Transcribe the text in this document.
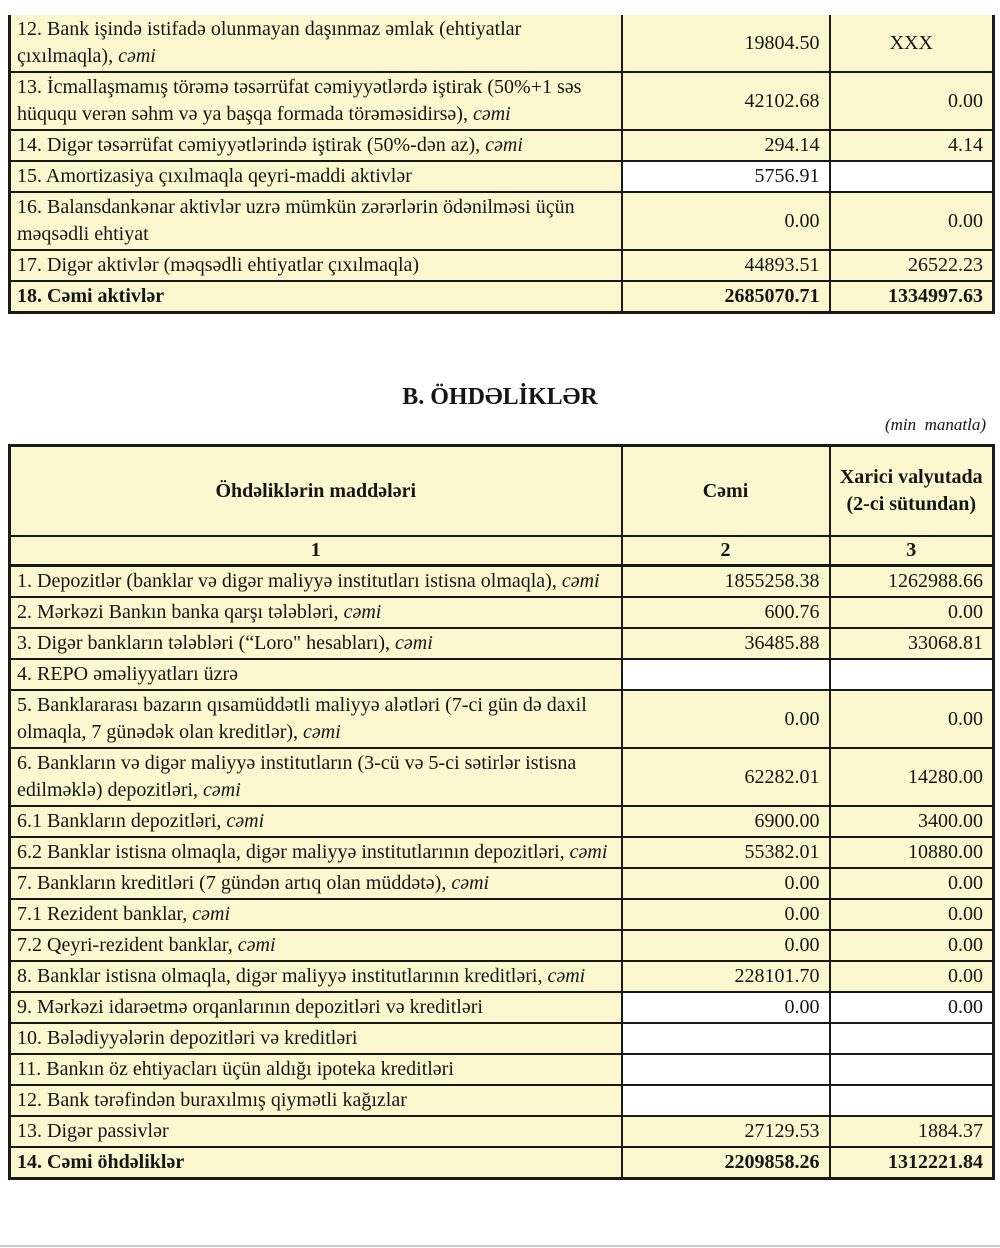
12. Bank işində istifadə olunmayan daşınmaz əmlak (ehtiyatlar çıxılmaqla), cəmi	19804.50	XXX
13. İcmallaşmamış törəmə təsərrüfat cəmiyyətlərdə iştirak (50%+1 səs hüququ verən səhm və ya başqa formada törəməsidirsə), cəmi	42102.68	0.00
14. Digər təsərrüfat cəmiyyətlərində iştirak (50%-dən az), cəmi	294.14	4.14
15. Amortizasiya çıxılmaqla qeyri-maddi aktivlər	5756.91	
16. Balansdankənar aktivlər uzrə mümkün zərərlərin ödənilməsi üçün məqsədli ehtiyat	0.00	0.00
17. Digər aktivlər (məqsədli ehtiyatlar çıxılmaqla)	44893.51	26522.23
18. Cəmi aktivlər	2685070.71	1334997.63
B. ÖHDƏLİKLƏR
(min  manatla)
Öhdəliklərin maddələri	Cəmi	Xarici valyutada (2-ci sütundan)
1	2	3
1. Depozitlər (banklar və digər maliyyə institutları istisna olmaqla), cəmi	1855258.38	1262988.66
2. Mərkəzi Bankın banka qarşı tələbləri, cəmi	600.76	0.00
3. Digər bankların tələbləri (“Loro" hesabları), cəmi	36485.88	33068.81
4. REPO əməliyyatları üzrə		
5. Banklararası bazarın qısamüddətli maliyyə alətləri (7-ci gün də daxil olmaqla, 7 günədək olan kreditlər), cəmi	0.00	0.00
6. Bankların və digər maliyyə institutların (3-cü və 5-ci sətirlər istisna edilməklə) depozitləri, cəmi	62282.01	14280.00
6.1 Bankların depozitləri, cəmi	6900.00	3400.00
6.2 Banklar istisna olmaqla, digər maliyyə institutlarının depozitləri, cəmi	55382.01	10880.00
7. Bankların kreditləri (7 gündən artıq olan müddətə), cəmi	0.00	0.00
7.1 Rezident banklar, cəmi	0.00	0.00
7.2 Qeyri-rezident banklar, cəmi	0.00	0.00
8. Banklar istisna olmaqla, digər maliyyə institutlarının kreditləri, cəmi	228101.70	0.00
9. Mərkəzi idarəetmə orqanlarının depozitləri və kreditləri	0.00	0.00
10. Bələdiyyələrin depozitləri və kreditləri		
11. Bankın öz ehtiyacları üçün aldığı ipoteka kreditləri		
12. Bank tərəfindən buraxılmış qiymətli kağızlar		
13. Digər passivlər	27129.53	1884.37
14. Cəmi öhdəliklər	2209858.26	1312221.84
